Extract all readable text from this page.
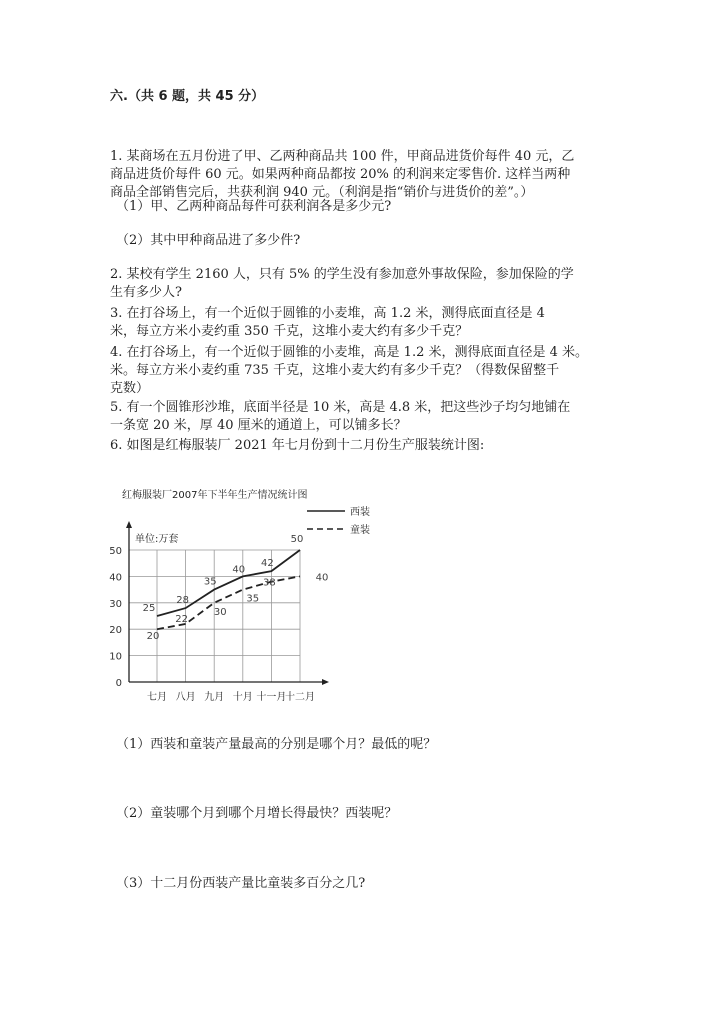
六.（共 6 题，共 45 分）
1. 某商场在五月份进了甲、乙两种商品共 100 件，甲商品进货价每件 40 元，乙
商品进货价每件 60 元。如果两种商品都按 20% 的利润来定零售价. 这样当两种
商品全部销售完后，共获利润 940 元。（利润是指“销价与进货价的差”。）
（1）甲、乙两种商品每件可获利润各是多少元?
（2）其中甲种商品进了多少件?
2. 某校有学生 2160 人，只有 5% 的学生没有参加意外事故保险，参加保险的学
生有多少人?
3. 在打谷场上，有一个近似于圆锥的小麦堆，高 1.2 米，测得底面直径是 4
米，每立方米小麦约重 350 千克，这堆小麦大约有多少千克？
4. 在打谷场上，有一个近似于圆锥的小麦堆，高是 1.2 米，测得底面直径是 4 米。
米。每立方米小麦约重 735 千克，这堆小麦大约有多少千克？（得数保留整千
克数）
5. 有一个圆锥形沙堆，底面半径是 10 米，高是 4.8 米，把这些沙子均匀地铺在
一条宽 20 米，厚 40 厘米的通道上，可以铺多长？
6. 如图是红梅服装厂 2021 年七月份到十二月份生产服装统计图:
红梅服装厂2007年下半年生产情况统计图
单位:万套
0
10
20
30
40
50
七月 八月 九月 十月 十一月
十二月
25
28
35
40
42
50
西装
20
22
30
35
38	40
童装
（1）西装和童装产量最高的分别是哪个月？最低的呢？
（2）童装哪个月到哪个月增长得最快？西装呢？
（3）十二月份西装产量比童装多百分之几?
